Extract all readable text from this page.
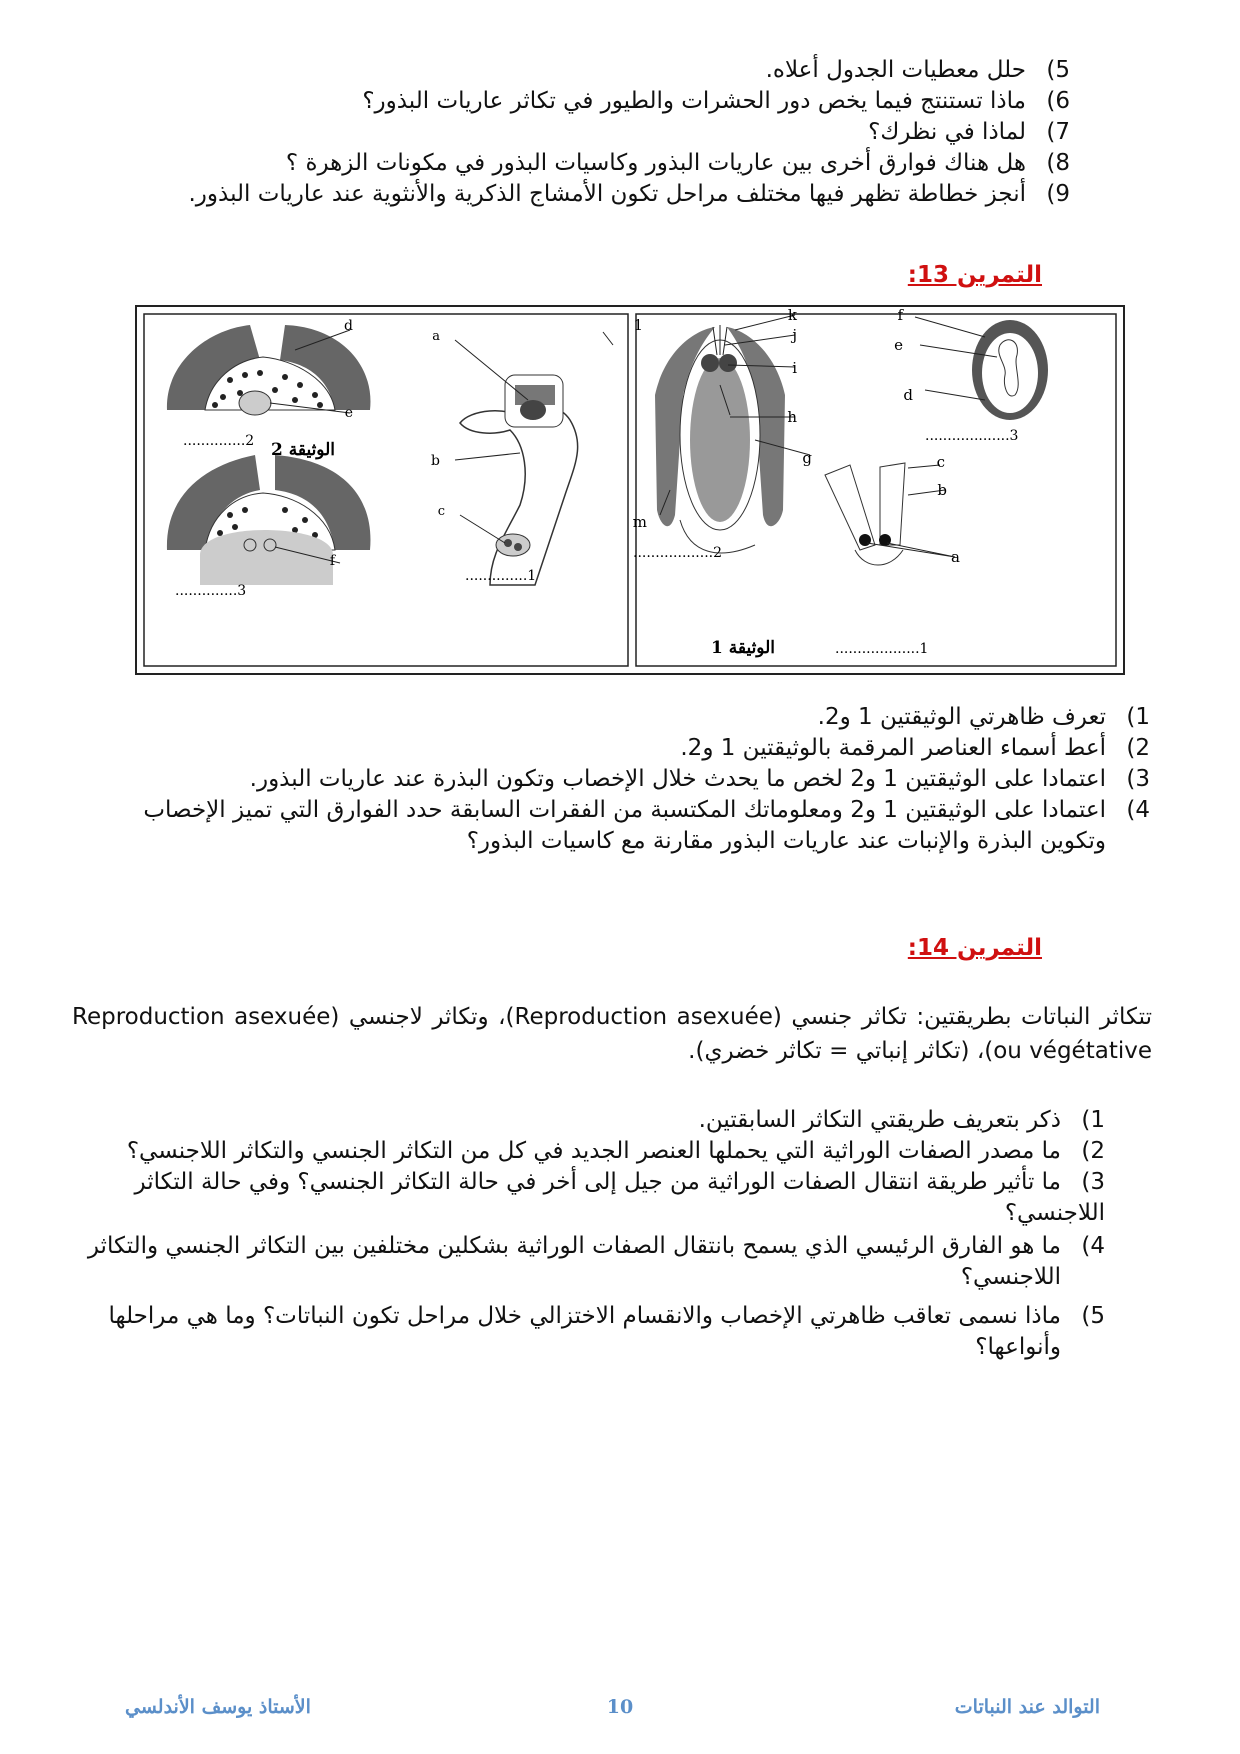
5)حلل معطيات الجدول أعلاه.
6)ماذا تستنتج فيما يخص دور الحشرات والطيور في تكاثر عاريات البذور؟
7)لماذا في نظرك؟
8)هل هناك فوارق أخرى بين عاريات البذور وكاسيات البذور في مكونات الزهرة ؟
9)أنجز خطاطة تظهر فيها مختلف مراحل تكون الأمشاج الذكرية والأنثوية عند عاريات البذور.
التمرين 13:
d
e
..............2
f
..............3
الوثيقة 2
a
b
c
..............1
k
j
i
h
g
m
1
..................2
f
e
d
...................3
c
b
a
الوثيقة 1	...................1
1)تعرف ظاهرتي الوثيقتين 1 و2.
2)أعط أسماء العناصر المرقمة بالوثيقتين 1 و2.
3)اعتمادا على الوثيقتين 1 و2 لخص ما يحدث خلال الإخصاب وتكون البذرة عند عاريات البذور.
4)اعتمادا على الوثيقتين 1 و2 ومعلوماتك المكتسبة من الفقرات السابقة حدد الفوارق التي تميز الإخصاب وتكوين البذرة والإنبات عند عاريات البذور مقارنة مع كاسيات البذور؟
التمرين 14:
تتكاثر النباتات بطريقتين: تكاثر جنسي (Reproduction asexuée)، وتكاثر لاجنسي (Reproduction asexuée ou végétative)، (تكاثر إنباتي = تكاثر خضري).
1)ذكر بتعريف طريقتي التكاثر السابقتين.
2)ما مصدر الصفات الوراثية التي يحملها العنصر الجديد في كل من التكاثر الجنسي والتكاثر اللاجنسي؟
3)ما تأثير طريقة انتقال الصفات الوراثية من جيل إلى أخر في حالة التكاثر الجنسي؟ وفي حالة التكاثر اللاجنسي؟
4)ما هو الفارق الرئيسي الذي يسمح بانتقال الصفات الوراثية بشكلين مختلفين بين التكاثر الجنسي والتكاثر اللاجنسي؟
5)ماذا نسمى تعاقب ظاهرتي الإخصاب والانقسام الاختزالي خلال مراحل تكون النباتات؟ وما هي مراحلها وأنواعها؟
التوالد عند النباتات
10
الأستاذ يوسف الأندلسي
